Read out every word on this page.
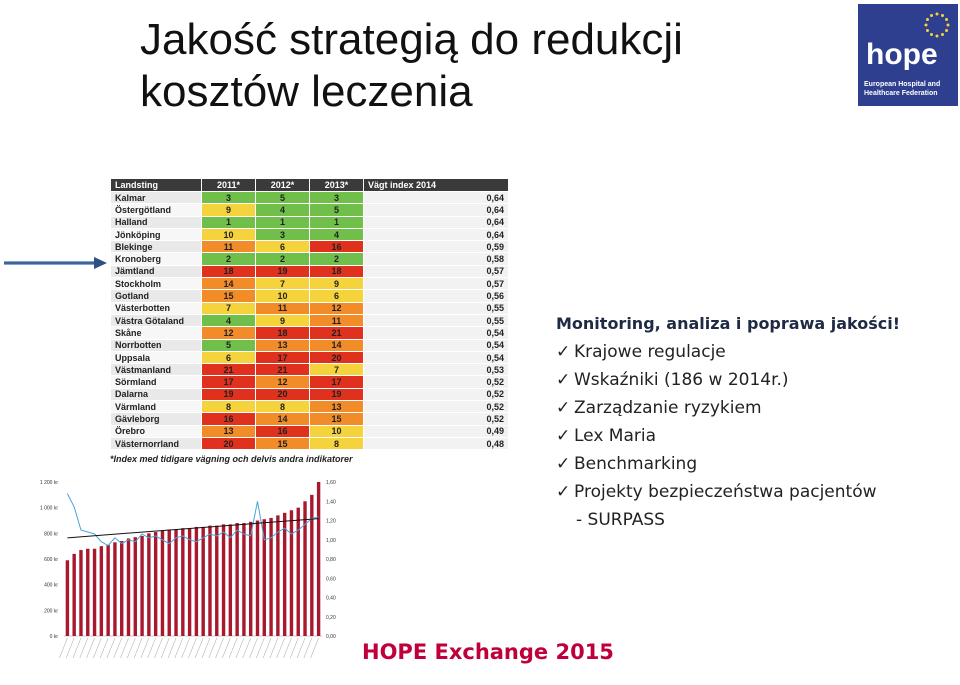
Jakość strategią do redukcji
kosztów leczenia
hope
European Hospital and
Healthcare Federation
Landsting	2011*	2012*	2013*	Vägt index 2014
Kalmar	3	5	3	0,64
Östergötland	9	4	5	0,64
Halland	1	1	1	0,64
Jönköping	10	3	4	0,64
Blekinge	11	6	16	0,59
Kronoberg	2	2	2	0,58
Jämtland	18	19	18	0,57
Stockholm	14	7	9	0,57
Gotland	15	10	6	0,56
Västerbotten	7	11	12	0,55
Västra Götaland	4	9	11	0,55
Skåne	12	18	21	0,54
Norrbotten	5	13	14	0,54
Uppsala	6	17	20	0,54
Västmanland	21	21	7	0,53
Sörmland	17	12	17	0,52
Dalarna	19	20	19	0,52
Värmland	8	8	13	0,52
Gävleborg	16	14	15	0,52
Örebro	13	16	10	0,49
Västernorrland	20	15	8	0,48
*Index med tidigare vägning och delvis andra indikatorer
1 200 kr
1 000 kr
800 kr
600 kr
400 kr
200 kr
0 kr
1,60
1,40
1,20
1,00
0,80
0,60
0,40
0,20
0,00
Monitoring, analiza i poprawa jakości!
✓ Krajowe regulacje
✓ Wskaźniki (186 w 2014r.)
✓ Zarządzanie ryzykiem
✓ Lex Maria
✓ Benchmarking
✓ Projekty bezpieczeństwa pacjentów
- SURPASS
HOPE Exchange 2015
